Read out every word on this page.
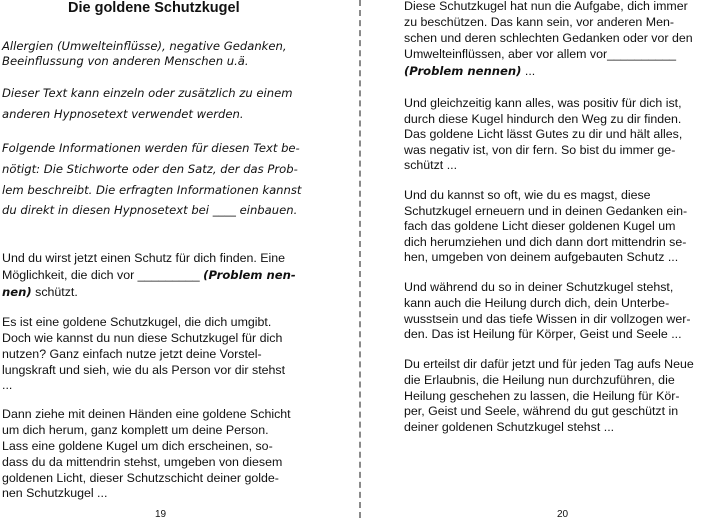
Die goldene Schutzkugel
Allergien (Umwelteinflüsse), negative Gedanken,
Beeinflussung von anderen Menschen u.ä.
Dieser Text kann einzeln oder zusätzlich zu einem
anderen Hypnosetext verwendet werden.
Folgende Informationen werden für diesen Text be-
nötigt: Die Stichworte oder den Satz, der das Prob-
lem beschreibt. Die erfragten Informationen kannst
du direkt in diesen Hypnosetext bei ____ einbauen.
Und du wirst jetzt einen Schutz für dich finden. Eine
Möglichkeit, die dich vor _________ (Problem nen-
nen) schützt.
Es ist eine goldene Schutzkugel, die dich umgibt.
Doch wie kannst du nun diese Schutzkugel für dich
nutzen? Ganz einfach nutze jetzt deine Vorstel-
lungskraft und sieh, wie du als Person vor dir stehst
...
Dann ziehe mit deinen Händen eine goldene Schicht
um dich herum, ganz komplett um deine Person.
Lass eine goldene Kugel um dich erscheinen, so-
dass du da mittendrin stehst, umgeben von diesem
goldenen Licht, dieser Schutzschicht deiner golde-
nen Schutzkugel ...
19
Diese Schutzkugel hat nun die Aufgabe, dich immer
zu beschützen. Das kann sein, vor anderen Men-
schen und deren schlechten Gedanken oder vor den
Umwelteinflüssen, aber vor allem vor__________
(Problem nennen) ...
Und gleichzeitig kann alles, was positiv für dich ist,
durch diese Kugel hindurch den Weg zu dir finden.
Das goldene Licht lässt Gutes zu dir und hält alles,
was negativ ist, von dir fern. So bist du immer ge-
schützt ...
Und du kannst so oft, wie du es magst, diese
Schutzkugel erneuern und in deinen Gedanken ein-
fach das goldene Licht dieser goldenen Kugel um
dich herumziehen und dich dann dort mittendrin se-
hen, umgeben von deinem aufgebauten Schutz ...
Und während du so in deiner Schutzkugel stehst,
kann auch die Heilung durch dich, dein Unterbe-
wusstsein und das tiefe Wissen in dir vollzogen wer-
den. Das ist Heilung für Körper, Geist und Seele ...
Du erteilst dir dafür jetzt und für jeden Tag aufs Neue
die Erlaubnis, die Heilung nun durchzuführen, die
Heilung geschehen zu lassen, die Heilung für Kör-
per, Geist und Seele, während du gut geschützt in
deiner goldenen Schutzkugel stehst ...
20
